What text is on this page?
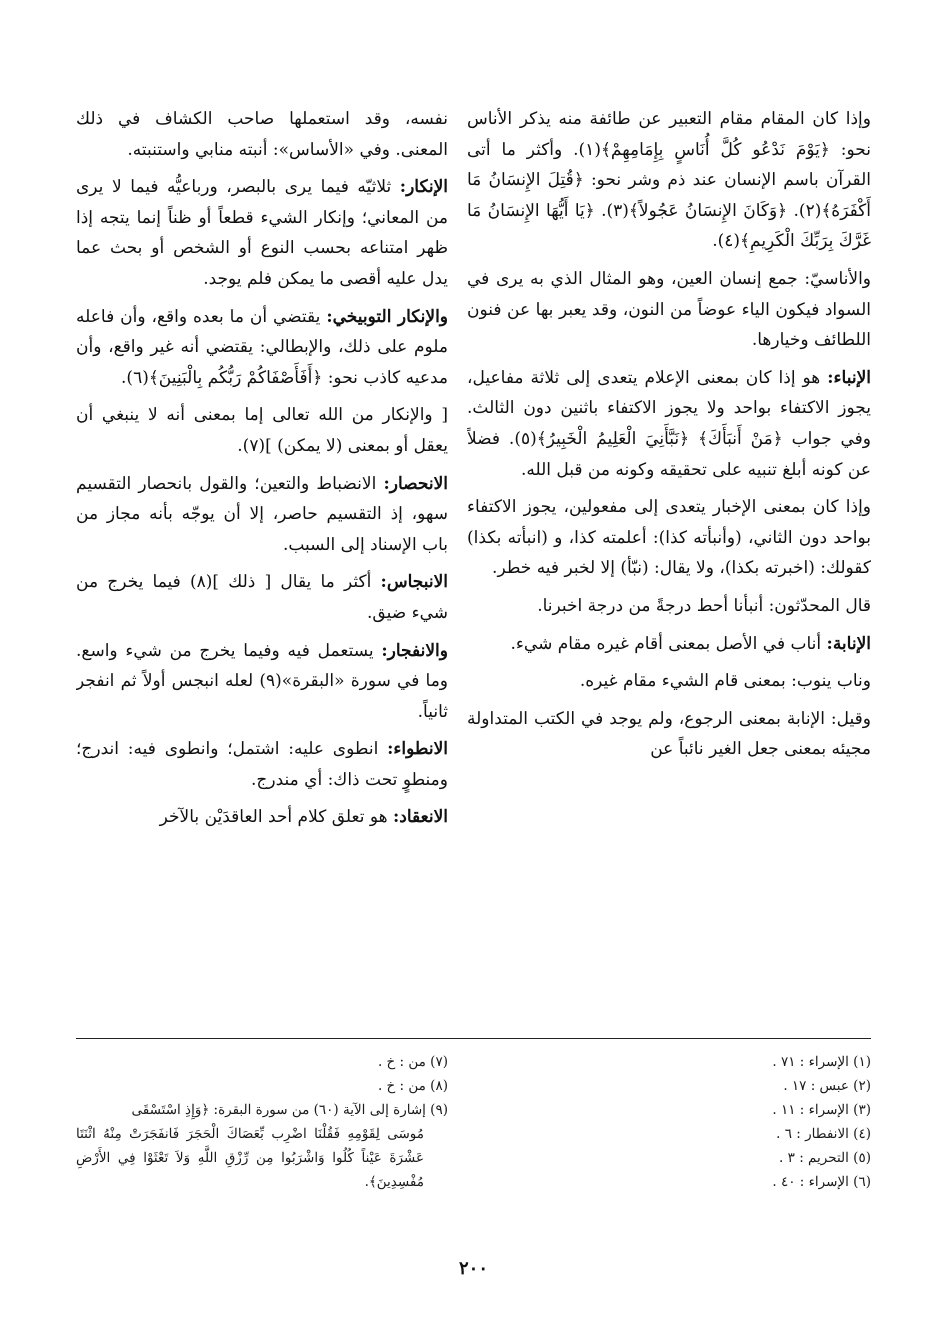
وإذا كان المقام مقام التعبير عن طائفة منه يذكر الأناس نحو: ﴿يَوْمَ نَدْعُو كُلَّ أُنَاسٍ بِإِمَامِهِمْ﴾(١). وأكثر ما أتى القرآن باسم الإنسان عند ذم وشر نحو: ﴿قُتِلَ الإِنسَانُ مَا أَكْفَرَهُ﴾(٢). ﴿وَكَانَ الإِنسَانُ عَجُولاً﴾(٣). ﴿يَا أَيُّهَا الإِنسَانُ مَا غَرَّكَ بِرَبِّكَ الْكَرِيمِ﴾(٤).

والأناسيّ: جمع إنسان العين، وهو المثال الذي به يرى في السواد فيكون الياء عوضاً من النون، وقد يعبر بها عن فنون اللطائف وخيارها.

الإنباء: هو إذا كان بمعنى الإعلام يتعدى إلى ثلاثة مفاعيل، يجوز الاكتفاء بواحد ولا يجوز الاكتفاء باثنين دون الثالث. وفي جواب ﴿مَنْ أَنبَأَكَ﴾ ﴿نَبَّأَنِيَ الْعَلِيمُ الْخَبِيرُ﴾(٥). فضلاً عن كونه أبلغ تنبيه على تحقيقه وكونه من قبل الله.

وإذا كان بمعنى الإخبار يتعدى إلى مفعولين، يجوز الاكتفاء بواحد دون الثاني، (وأنبأته كذا): أعلمته كذا، و (انبأته بكذا) كقولك: (اخبرته بكذا)، ولا يقال: (نبّأ) إلا لخبر فيه خطر.

قال المحدّثون: أنبأنا أحط درجةً من درجة اخبرنا.

الإنابة: أناب في الأصل بمعنى أقام غيره مقام شيء.

وناب ينوب: بمعنى قام الشيء مقام غيره.

وقيل: الإنابة بمعنى الرجوع، ولم يوجد في الكتب المتداولة مجيئه بمعنى جعل الغير نائباً عن

نفسه، وقد استعملها صاحب الكشاف في ذلك المعنى. وفي «الأساس»: أنبته منابي واستنبته.

الإنكار: ثلاثيّه فيما يرى بالبصر، ورباعيُّه فيما لا يرى من المعاني؛ وإنكار الشيء قطعاً أو ظناً إنما يتجه إذا ظهر امتناعه بحسب النوع أو الشخص أو بحث عما يدل عليه أقصى ما يمكن فلم يوجد.

والإنكار التوبيخي: يقتضي أن ما بعده واقع، وأن فاعله ملوم على ذلك، والإبطالي: يقتضي أنه غير واقع، وأن مدعيه كاذب نحو: ﴿أَفَأَصْفَاكُمْ رَبُّكُم بِالْبَنِينَ﴾(٦).

[ والإنكار من الله تعالى إما بمعنى أنه لا ينبغي أن يعقل أو بمعنى (لا يمكن) ](٧).

الانحصار: الانضباط والتعين؛ والقول بانحصار التقسيم سهو، إذ التقسيم حاصر، إلا أن يوجّه بأنه مجاز من باب الإسناد إلى السبب.

الانبجاس: أكثر ما يقال [ ذلك ](٨) فيما يخرج من شيء ضيق.

والانفجار: يستعمل فيه وفيما يخرج من شيء واسع. وما في سورة «البقرة»(٩) لعله انبجس أولاً ثم انفجر ثانياً.

الانطواء: انطوى عليه: اشتمل؛ وانطوى فيه: اندرج؛ ومنطوٍ تحت ذاك: أي مندرج.

الانعقاد: هو تعلق كلام أحد العاقدَيْن بالآخر

(١) الإسراء : ٧١ .
(٢) عبس : ١٧ .
(٣) الإسراء : ١١ .
(٤) الانفطار : ٦ .
(٥) التحريم : ٣ .
(٦) الإسراء : ٤٠ .
(٧) من : خ .
(٨) من : خ .
(٩) إشارة إلى الآية (٦٠) من سورة البقرة: ﴿وَإِذِ اسْتَسْقَى
مُوسَى لِقَوْمِهِ فَقُلْنَا اضْرِب بِّعَصَاكَ الْحَجَرَ فَانفَجَرَتْ مِنْهُ اثْنَتَا عَشْرَةَ عَيْناً كُلُوا وَاشْرَبُوا مِن رِّزْقِ اللَّهِ وَلاَ تَعْثَوْا فِي الأَرْضِ مُفْسِدِينَ﴾.
٢٠٠
